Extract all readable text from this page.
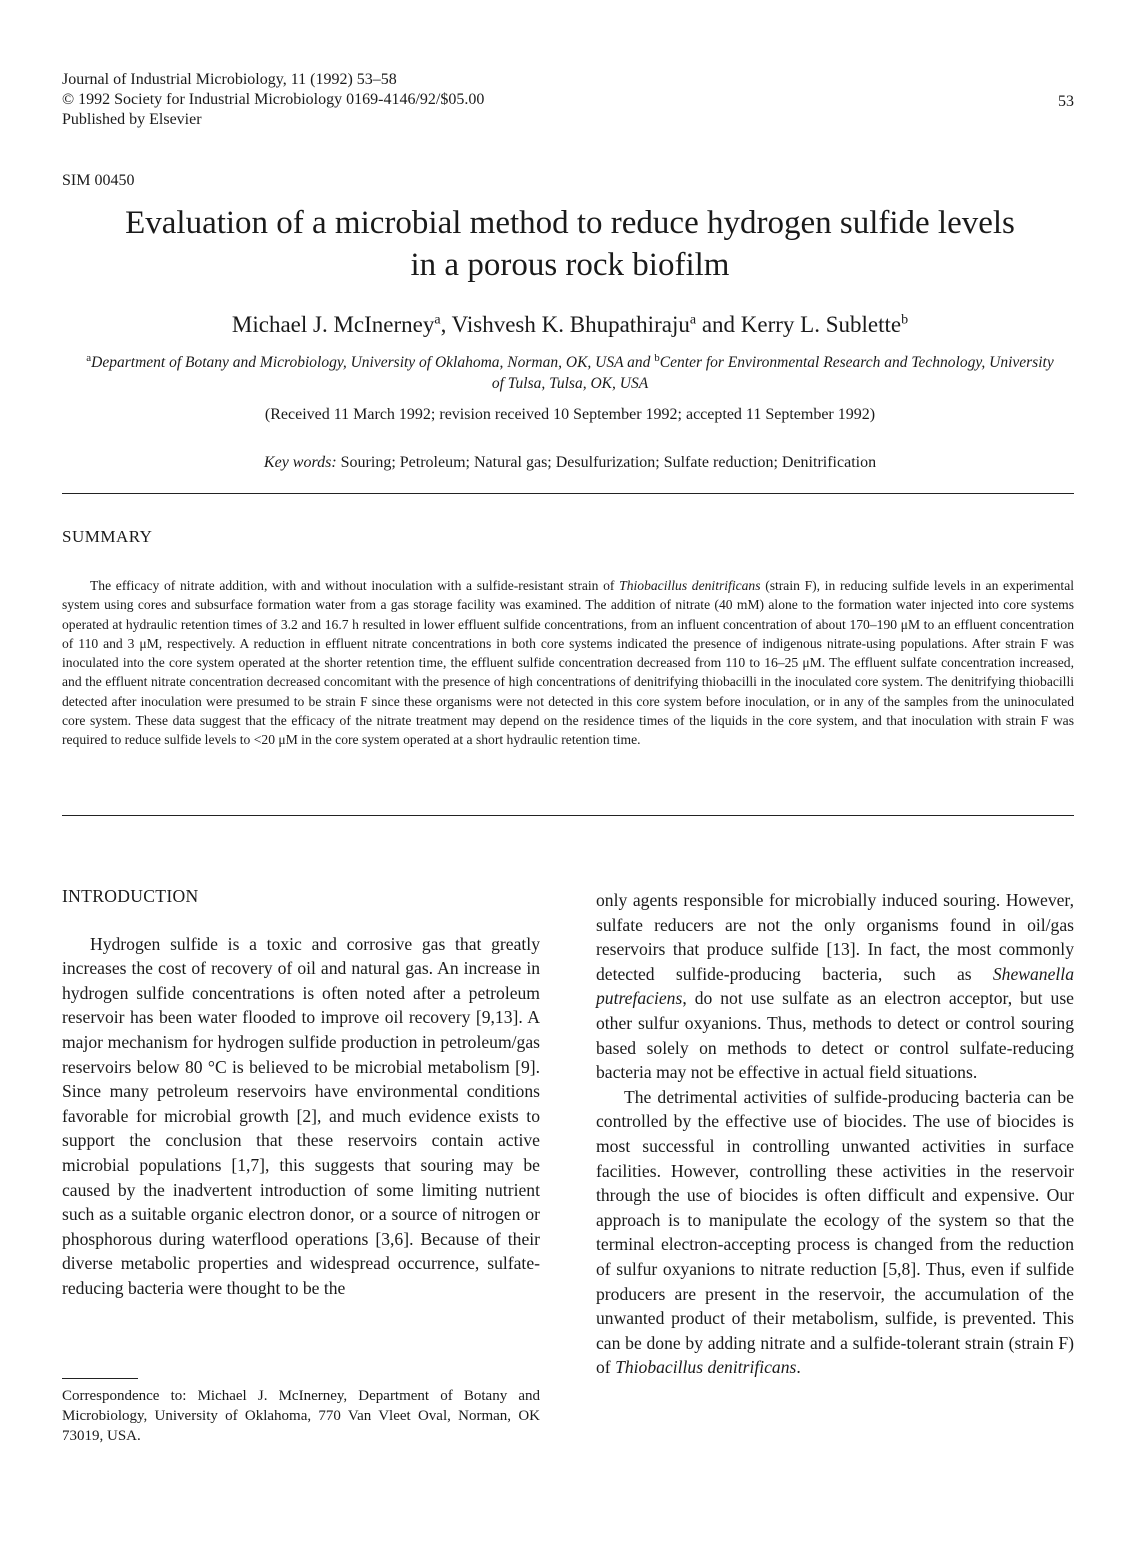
Journal of Industrial Microbiology, 11 (1992) 53–58
© 1992 Society for Industrial Microbiology 0169-4146/92/$05.00
Published by Elsevier
53
SIM 00450
Evaluation of a microbial method to reduce hydrogen sulfide levels
in a porous rock biofilm
Michael J. McInerney$^a$, Vishvesh K. Bhupathiraju$^a$ and Kerry L. Sublette$^b$
$^a$Department of Botany and Microbiology, University of Oklahoma, Norman, OK, USA and $^b$Center for Environmental Research and Technology, University of Tulsa, Tulsa, OK, USA
(Received 11 March 1992; revision received 10 September 1992; accepted 11 September 1992)
Key words: Souring; Petroleum; Natural gas; Desulfurization; Sulfate reduction; Denitrification
SUMMARY
The efficacy of nitrate addition, with and without inoculation with a sulfide-resistant strain of Thiobacillus denitrificans (strain F), in reducing sulfide levels in an experimental system using cores and subsurface formation water from a gas storage facility was examined. The addition of nitrate (40 mM) alone to the formation water injected into core systems operated at hydraulic retention times of 3.2 and 16.7 h resulted in lower effluent sulfide concentrations, from an influent concentration of about 170–190 μM to an effluent concentration of 110 and 3 μM, respectively. A reduction in effluent nitrate concentrations in both core systems indicated the presence of indigenous nitrate-using populations. After strain F was inoculated into the core system operated at the shorter retention time, the effluent sulfide concentration decreased from 110 to 16–25 μM. The effluent sulfate concentration increased, and the effluent nitrate concentration decreased concomitant with the presence of high concentrations of denitrifying thiobacilli in the inoculated core system. The denitrifying thiobacilli detected after inoculation were presumed to be strain F since these organisms were not detected in this core system before inoculation, or in any of the samples from the uninoculated core system. These data suggest that the efficacy of the nitrate treatment may depend on the residence times of the liquids in the core system, and that inoculation with strain F was required to reduce sulfide levels to <20 μM in the core system operated at a short hydraulic retention time.
INTRODUCTION

Hydrogen sulfide is a toxic and corrosive gas that greatly increases the cost of recovery of oil and natural gas. An increase in hydrogen sulfide concentrations is often noted after a petroleum reservoir has been water flooded to improve oil recovery [9,13]. A major mechanism for hydrogen sulfide production in petroleum/gas reservoirs below 80 °C is believed to be microbial metabolism [9]. Since many petroleum reservoirs have environmental conditions favorable for microbial growth [2], and much evidence exists to support the conclusion that these reservoirs contain active microbial populations [1,7], this suggests that souring may be caused by the inadvertent introduction of some limiting nutrient such as a suitable organic electron donor, or a source of nitrogen or phosphorous during waterflood operations [3,6]. Because of their diverse metabolic properties and widespread occurrence, sulfate-reducing bacteria were thought to be the

only agents responsible for microbially induced souring. However, sulfate reducers are not the only organisms found in oil/gas reservoirs that produce sulfide [13]. In fact, the most commonly detected sulfide-producing bacteria, such as Shewanella putrefaciens, do not use sulfate as an electron acceptor, but use other sulfur oxyanions. Thus, methods to detect or control souring based solely on methods to detect or control sulfate-reducing bacteria may not be effective in actual field situations.

The detrimental activities of sulfide-producing bacteria can be controlled by the effective use of biocides. The use of biocides is most successful in controlling unwanted activities in surface facilities. However, controlling these activities in the reservoir through the use of biocides is often difficult and expensive. Our approach is to manipulate the ecology of the system so that the terminal electron-accepting process is changed from the reduction of sulfur oxyanions to nitrate reduction [5,8]. Thus, even if sulfide producers are present in the reservoir, the accumulation of the unwanted product of their metabolism, sulfide, is prevented. This can be done by adding nitrate and a sulfide-tolerant strain (strain F) of Thiobacillus denitrificans.

Correspondence to: Michael J. McInerney, Department of Botany and Microbiology, University of Oklahoma, 770 Van Vleet Oval, Norman, OK 73019, USA.
